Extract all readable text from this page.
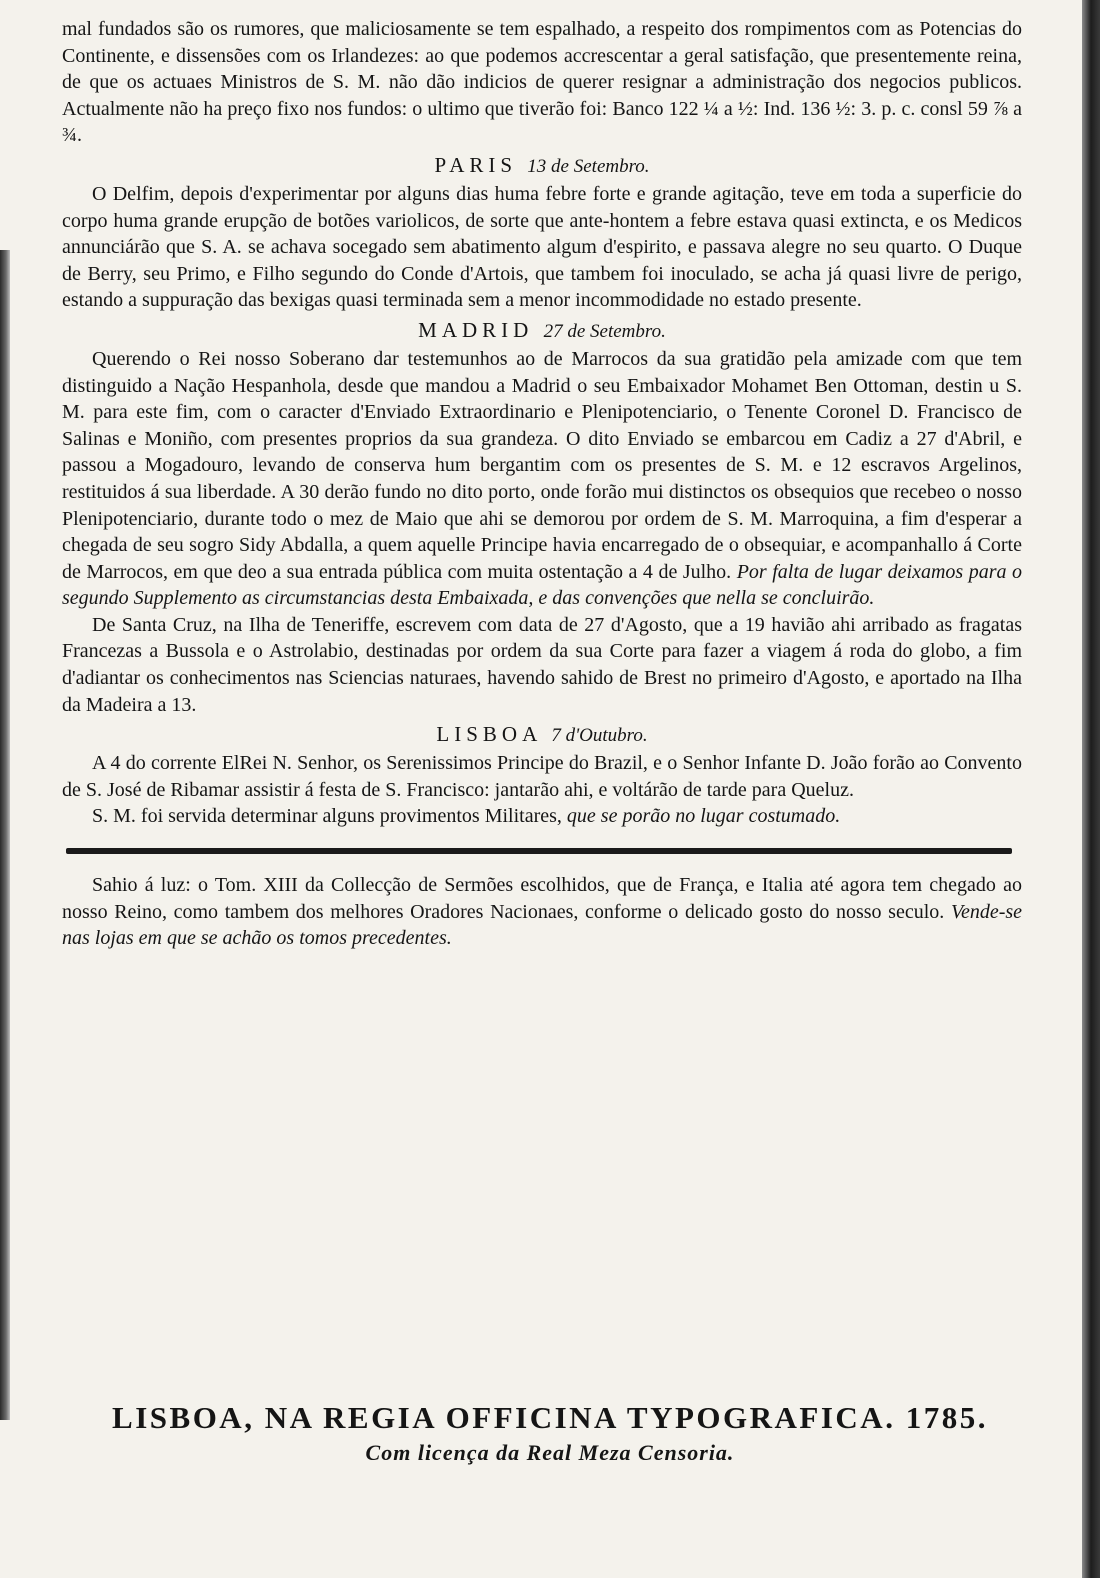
mal fundados são os rumores, que maliciosamente se tem espalhado, a respeito dos rompimentos com as Potencias do Continente, e dissensões com os Irlandezes: ao que podemos accrescentar a geral satisfação, que presentemente reina, de que os actuaes Ministros de S. M. não dão indicios de querer resignar a administração dos negocios publicos. Actualmente não ha preço fixo nos fundos: o ultimo que tiverão foi: Banco 122 ¼ a ½: Ind. 136 ½: 3. p. c. consl 59 ⅞ a ¾.

PARIS 13 de Setembro.

O Delfim, depois d'experimentar por alguns dias huma febre forte e grande agitação, teve em toda a superficie do corpo huma grande erupção de botões variolicos, de sorte que ante-hontem a febre estava quasi extincta, e os Medicos annunciárão que S. A. se achava socegado sem abatimento algum d'espirito, e passava alegre no seu quarto. O Duque de Berry, seu Primo, e Filho segundo do Conde d'Artois, que tambem foi inoculado, se acha já quasi livre de perigo, estando a suppuração das bexigas quasi terminada sem a menor incommodidade no estado presente.

MADRID 27 de Setembro.

Querendo o Rei nosso Soberano dar testemunhos ao de Marrocos da sua gratidão pela amizade com que tem distinguido a Nação Hespanhola, desde que mandou a Madrid o seu Embaixador Mohamet Ben Ottoman, destin u S. M. para este fim, com o caracter d'Enviado Extraordinario e Plenipotenciario, o Tenente Coronel D. Francisco de Salinas e Moniño, com presentes proprios da sua grandeza. O dito Enviado se embarcou em Cadiz a 27 d'Abril, e passou a Mogadouro, levando de conserva hum bergantim com os presentes de S. M. e 12 escravos Argelinos, restituidos á sua liberdade. A 30 derão fundo no dito porto, onde forão mui distinctos os obsequios que recebeo o nosso Plenipotenciario, durante todo o mez de Maio que ahi se demorou por ordem de S. M. Marroquina, a fim d'esperar a chegada de seu sogro Sidy Abdalla, a quem aquelle Principe havia encarregado de o obsequiar, e acompanhallo á Corte de Marrocos, em que deo a sua entrada pública com muita ostentação a 4 de Julho. Por falta de lugar deixamos para o segundo Supplemento as circumstancias desta Embaixada, e das convenções que nella se concluirão.

De Santa Cruz, na Ilha de Teneriffe, escrevem com data de 27 d'Agosto, que a 19 havião ahi arribado as fragatas Francezas a Bussola e o Astrolabio, destinadas por ordem da sua Corte para fazer a viagem á roda do globo, a fim d'adiantar os conhecimentos nas Sciencias naturaes, havendo sahido de Brest no primeiro d'Agosto, e aportado na Ilha da Madeira a 13.

LISBOA 7 d'Outubro.

A 4 do corrente ElRei N. Senhor, os Serenissimos Principe do Brazil, e o Senhor Infante D. João forão ao Convento de S. José de Ribamar assistir á festa de S. Francisco: jantarão ahi, e voltárão de tarde para Queluz.

S. M. foi servida determinar alguns provimentos Militares, que se porão no lugar costumado.

Sahio á luz: o Tom. XIII da Collecção de Sermões escolhidos, que de França, e Italia até agora tem chegado ao nosso Reino, como tambem dos melhores Oradores Nacionaes, conforme o delicado gosto do nosso seculo. Vende-se nas lojas em que se achão os tomos precedentes.

LISBOA, NA REGIA OFFICINA TYPOGRAFICA. 1785.
Com licença da Real Meza Censoria.
